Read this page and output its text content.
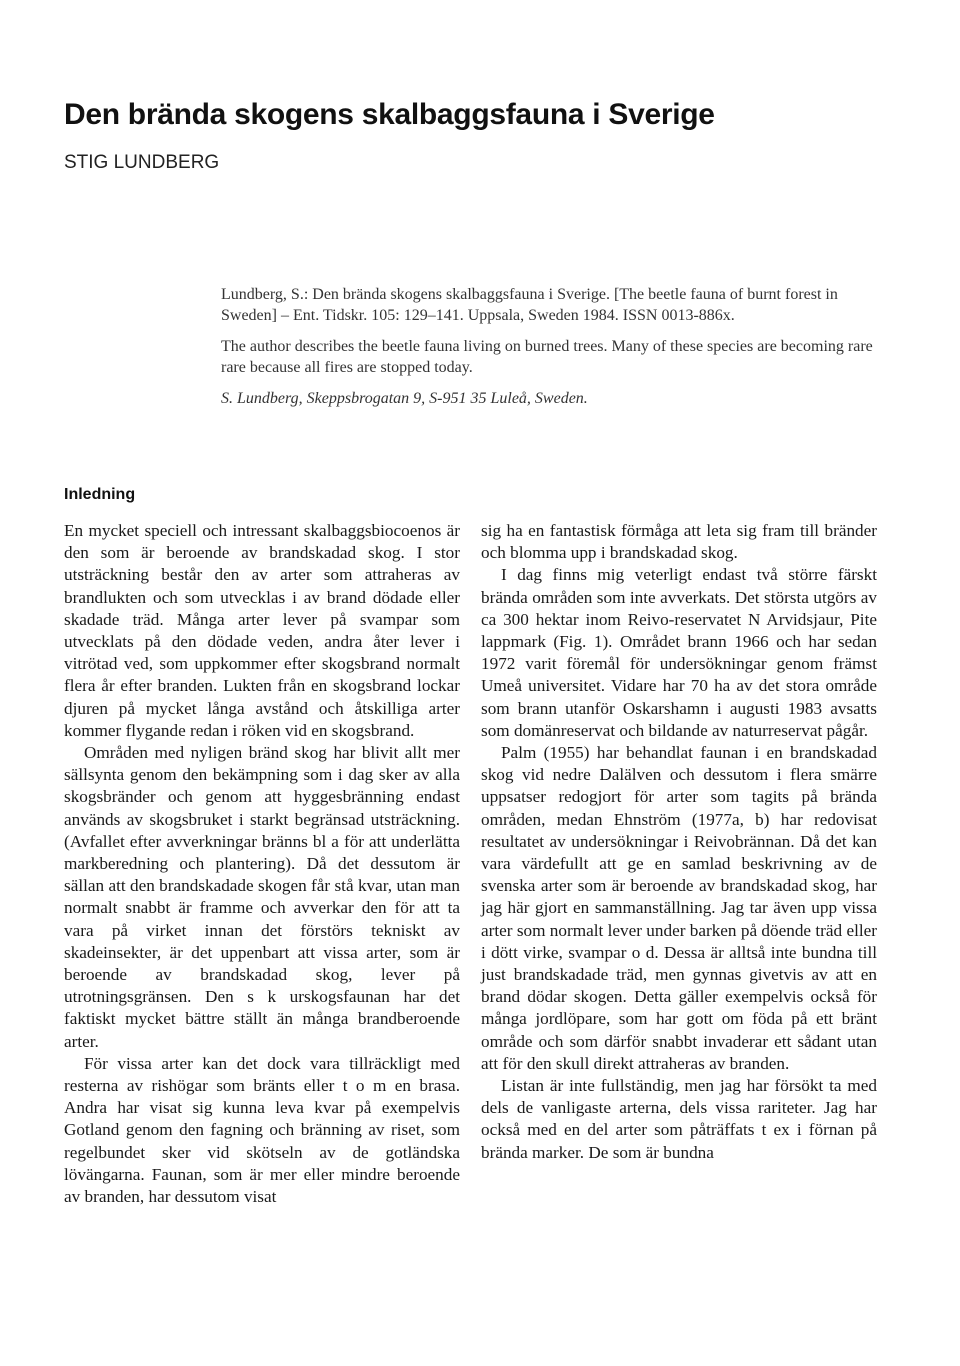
Den brända skogens skalbaggsfauna i Sverige

STIG LUNDBERG

Lundberg, S.: Den brända skogens skalbaggsfauna i Sverige. [The beetle fauna of burnt forest in Sweden] – Ent. Tidskr. 105: 129–141. Uppsala, Sweden 1984. ISSN 0013-886x.

The author describes the beetle fauna living on burned trees. Many of these species are becoming rare rare because all fires are stopped today.

S. Lundberg, Skeppsbrogatan 9, S-951 35 Luleå, Sweden.

Inledning

En mycket speciell och intressant skalbaggsbiocoenos är den som är beroende av brandskadad skog. I stor utsträckning består den av arter som attraheras av brandlukten och som utvecklas i av brand dödade eller skadade träd. Många arter lever på svampar som utvecklats på den dödade veden, andra åter lever i vitrötad ved, som uppkommer efter skogsbrand normalt flera år efter branden. Lukten från en skogsbrand lockar djuren på mycket långa avstånd och åtskilliga arter kommer flygande redan i röken vid en skogsbrand.

Områden med nyligen bränd skog har blivit allt mer sällsynta genom den bekämpning som i dag sker av alla skogsbränder och genom att hyggesbränning endast används av skogsbruket i starkt begränsad utsträckning. (Avfallet efter avverkningar bränns bl a för att underlätta markberedning och plantering). Då det dessutom är sällan att den brandskadade skogen får stå kvar, utan man normalt snabbt är framme och avverkar den för att ta vara på virket innan det förstörs tekniskt av skadeinsekter, är det uppenbart att vissa arter, som är beroende av brandskadad skog, lever på utrotningsgränsen. Den s k urskogsfaunan har det faktiskt mycket bättre ställt än många brandberoende arter.

För vissa arter kan det dock vara tillräckligt med resterna av rishögar som bränts eller t o m en brasa. Andra har visat sig kunna leva kvar på exempelvis Gotland genom den fagning och bränning av riset, som regelbundet sker vid skötseln av de gotländska lövängarna. Faunan, som är mer eller mindre beroende av branden, har dessutom visat

sig ha en fantastisk förmåga att leta sig fram till bränder och blomma upp i brandskadad skog.

I dag finns mig veterligt endast två större färskt brända områden som inte avverkats. Det största utgörs av ca 300 hektar inom Reivo-reservatet N Arvidsjaur, Pite lappmark (Fig. 1). Området brann 1966 och har sedan 1972 varit föremål för undersökningar genom främst Umeå universitet. Vidare har 70 ha av det stora område som brann utanför Oskarshamn i augusti 1983 avsatts som domänreservat och bildande av naturreservat pågår.

Palm (1955) har behandlat faunan i en brandskadad skog vid nedre Dalälven och dessutom i flera smärre uppsatser redogjort för arter som tagits på brända områden, medan Ehnström (1977a, b) har redovisat resultatet av undersökningar i Reivobrännan. Då det kan vara värdefullt att ge en samlad beskrivning av de svenska arter som är beroende av brandskadad skog, har jag här gjort en sammanställning. Jag tar även upp vissa arter som normalt lever under barken på döende träd eller i dött virke, svampar o d. Dessa är alltså inte bundna till just brandskadade träd, men gynnas givetvis av att en brand dödar skogen. Detta gäller exempelvis också för många jordlöpare, som har gott om föda på ett bränt område och som därför snabbt invaderar ett sådant utan att för den skull direkt attraheras av branden.

Listan är inte fullständig, men jag har försökt ta med dels de vanligaste arterna, dels vissa rariteter. Jag har också med en del arter som påträffats t ex i förnan på brända marker. De som är bundna
